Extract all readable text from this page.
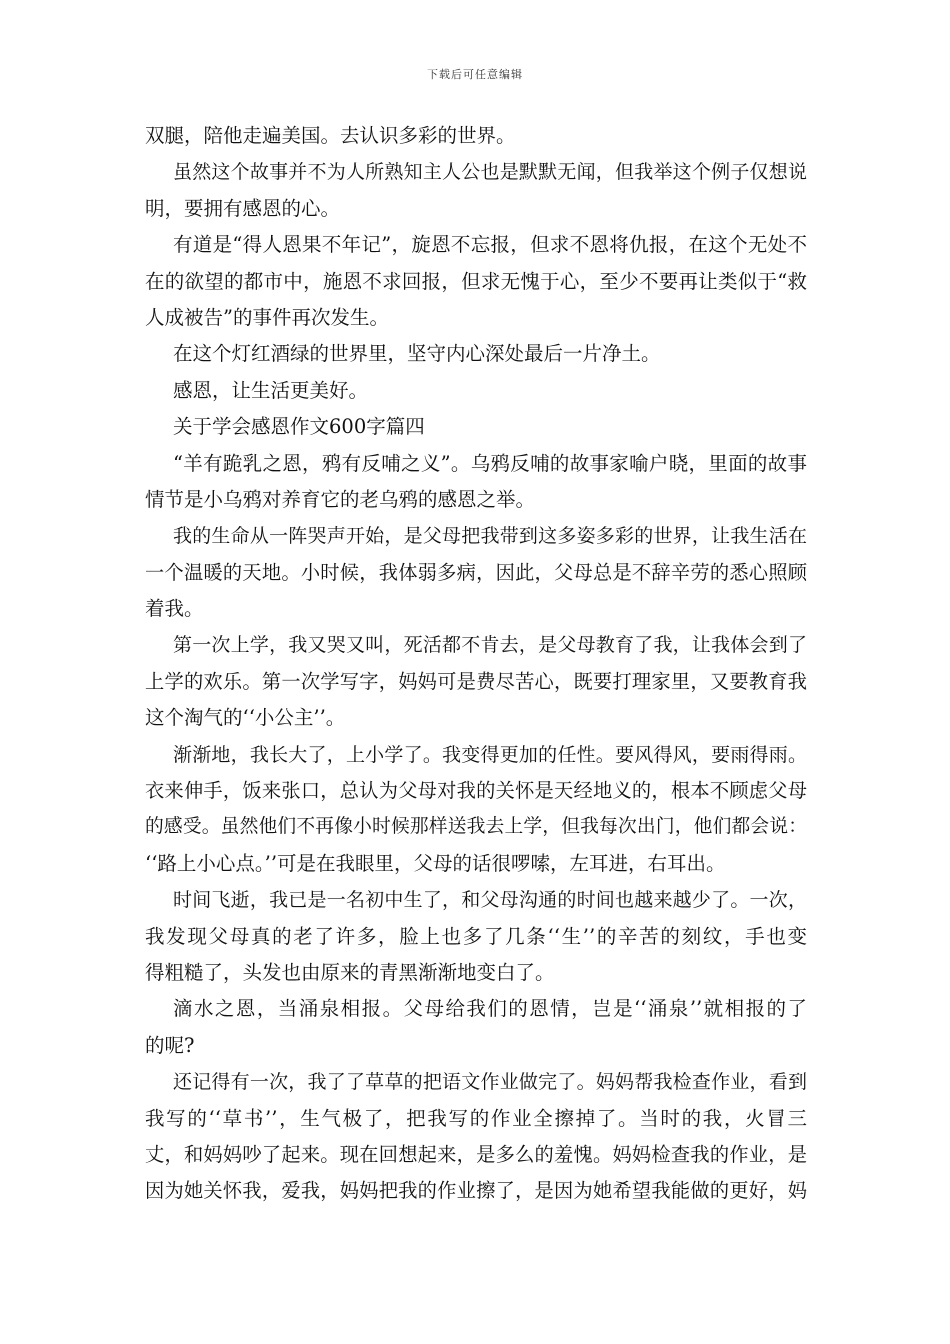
下载后可任意编辑
双腿，陪他走遍美国。去认识多彩的世界。
虽然这个故事并不为人所熟知主人公也是默默无闻，但我举这个例子仅想说
明，要拥有感恩的心。
有道是“得人恩果不年记”，旋恩不忘报，但求不恩将仇报，在这个无处不
在的欲望的都市中，施恩不求回报，但求无愧于心，至少不要再让类似于“救
人成被告”的事件再次发生。
在这个灯红酒绿的世界里，坚守内心深处最后一片净土。
感恩，让生活更美好。
关于学会感恩作文600字篇四
“羊有跪乳之恩，鸦有反哺之义”。乌鸦反哺的故事家喻户晓，里面的故事
情节是小乌鸦对养育它的老乌鸦的感恩之举。
我的生命从一阵哭声开始，是父母把我带到这多姿多彩的世界，让我生活在
一个温暖的天地。小时候，我体弱多病，因此，父母总是不辞辛劳的悉心照顾
着我。
第一次上学，我又哭又叫，死活都不肯去，是父母教育了我，让我体会到了
上学的欢乐。第一次学写字，妈妈可是费尽苦心，既要打理家里，又要教育我
这个淘气的‘‘小公主’’。
渐渐地，我长大了，上小学了。我变得更加的任性。要风得风，要雨得雨。
衣来伸手，饭来张口，总认为父母对我的关怀是天经地义的，根本不顾虑父母
的感受。虽然他们不再像小时候那样送我去上学，但我每次出门，他们都会说：
‘‘路上小心点。’’可是在我眼里，父母的话很啰嗦，左耳进，右耳出。
时间飞逝，我已是一名初中生了，和父母沟通的时间也越来越少了。一次，
我发现父母真的老了许多，脸上也多了几条‘‘生’’的辛苦的刻纹，手也变
得粗糙了，头发也由原来的青黑渐渐地变白了。
滴水之恩，当涌泉相报。父母给我们的恩情，岂是‘‘涌泉’’就相报的了
的呢?
还记得有一次，我了了草草的把语文作业做完了。妈妈帮我检查作业，看到
我写的‘‘草书’’，生气极了，把我写的作业全擦掉了。当时的我，火冒三
丈，和妈妈吵了起来。现在回想起来，是多么的羞愧。妈妈检查我的作业，是
因为她关怀我，爱我，妈妈把我的作业擦了，是因为她希望我能做的更好，妈
